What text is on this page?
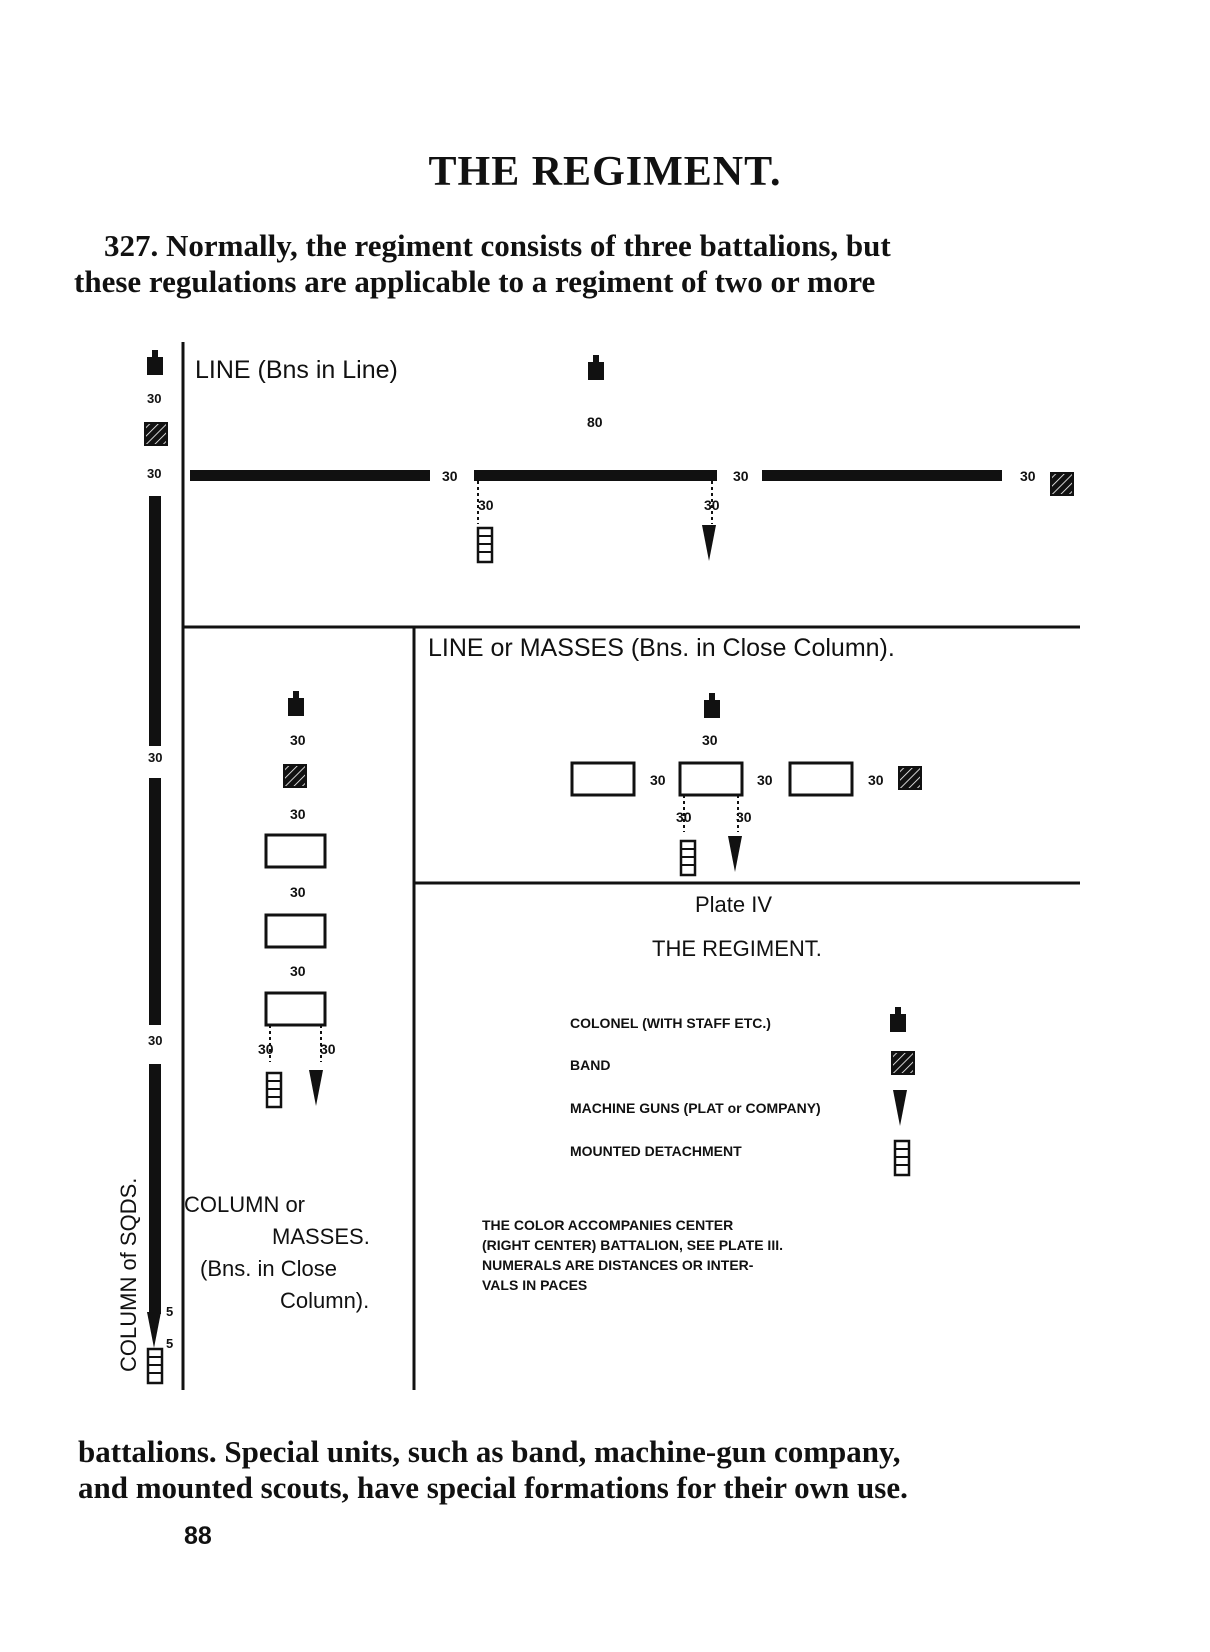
THE REGIMENT.
327. Normally, the regiment consists of three battalions, but
these regulations are applicable to a regiment of two or more
30
30
30
30
5
5
COLUMN of SQDS.
LINE (Bns in Line)
80
30	30	30
30	30
LINE or MASSES (Bns. in Close Column).
30
30	30	30
30	30
30
30
30
30
30	30
COLUMN or
MASSES.
(Bns. in Close
Column).
Plate IV
THE REGIMENT.
COLONEL (WITH STAFF ETC.)
BAND
MACHINE GUNS (PLAT or COMPANY)
MOUNTED DETACHMENT
THE COLOR ACCOMPANIES CENTER
(RIGHT CENTER) BATTALION, SEE PLATE III.
NUMERALS ARE DISTANCES OR INTER-
VALS IN PACES
battalions. Special units, such as band, machine-gun company,
and mounted scouts, have special formations for their own use.
88
